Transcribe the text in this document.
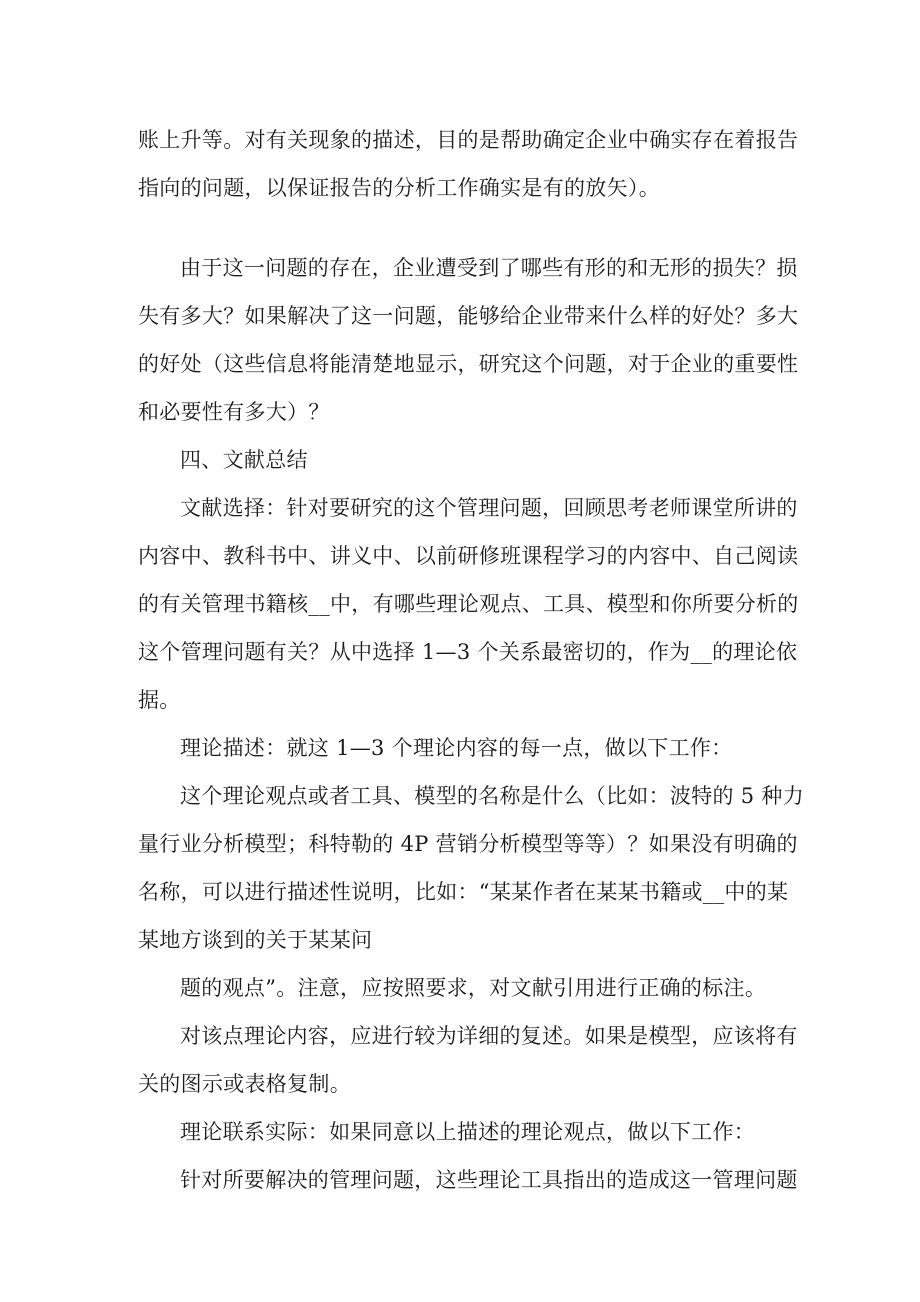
账上升等。对有关现象的描述，目的是帮助确定企业中确实存在着报告
指向的问题，以保证报告的分析工作确实是有的放矢）。
由于这一问题的存在，企业遭受到了哪些有形的和无形的损失？损
失有多大？如果解决了这一问题，能够给企业带来什么样的好处？多大
的好处（这些信息将能清楚地显示，研究这个问题，对于企业的重要性
和必要性有多大）？
四、文献总结
文献选择：针对要研究的这个管理问题，回顾思考老师课堂所讲的
内容中、教科书中、讲义中、以前研修班课程学习的内容中、自己阅读
的有关管理书籍核__中，有哪些理论观点、工具、模型和你所要分析的
这个管理问题有关？从中选择 1—3 个关系最密切的，作为__的理论依
据。
理论描述：就这 1—3 个理论内容的每一点，做以下工作：
这个理论观点或者工具、模型的名称是什么（比如：波特的 5 种力
量行业分析模型；科特勒的 4P 营销分析模型等等）？如果没有明确的
名称，可以进行描述性说明，比如：“某某作者在某某书籍或__中的某
某地方谈到的关于某某问
题的观点”。注意，应按照要求，对文献引用进行正确的标注。
对该点理论内容，应进行较为详细的复述。如果是模型，应该将有
关的图示或表格复制。
理论联系实际：如果同意以上描述的理论观点，做以下工作：
针对所要解决的管理问题，这些理论工具指出的造成这一管理问题
